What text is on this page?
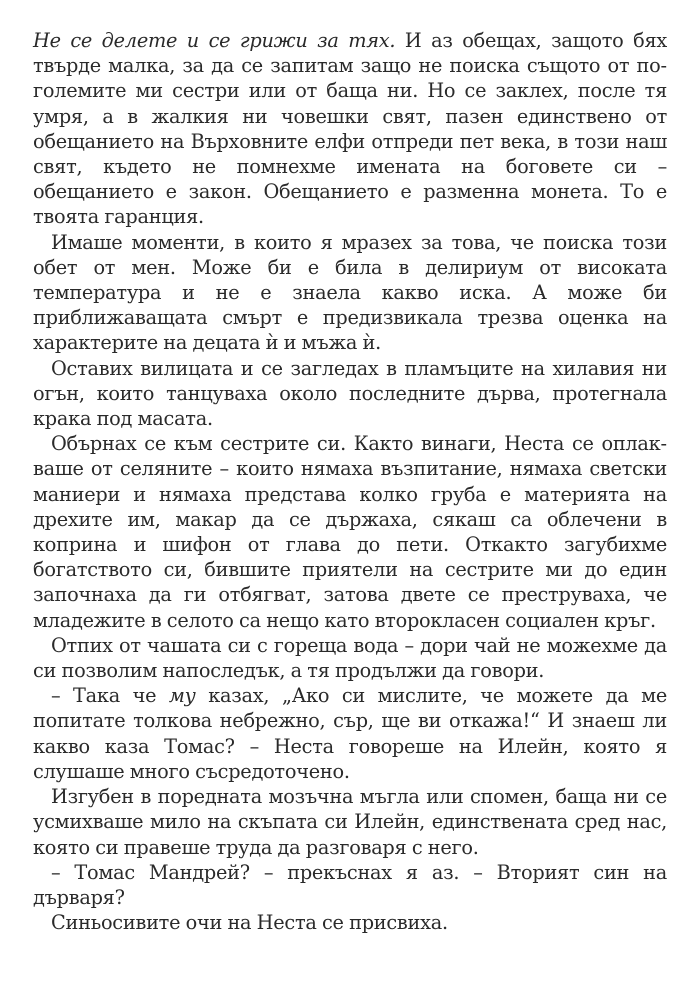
Не се делете и се грижи за тях. И аз обещах, защото бях твърде малка, за да се запитам защо не поиска същото от поголемите ми сестри или от баща ни. Но се заклех, после тя умря, а в жалкия ни човешки свят, пазен единствено от обещанието на Върховните елфи отпреди пет века, в този наш свят, където не помнехме имената на боговете си – обещанието е закон. Обещанието е разменна монета. То е твоята гаранция.

Имаше моменти, в които я мразех за това, че поиска този обет от мен. Може би е била в делириум от високата температура и не е знаела какво иска. А може би приближаващата смърт е предизвикала трезва оценка на характерите на децата ѝ и мъжа ѝ.

Оставих вилицата и се загледах в пламъците на хилавия ни огън, които танцуваха около последните дърва, протегнала крака под масата.

Обърнах се към сестрите си. Както винаги, Неста се оплакваше от селяните – които нямаха възпитание, нямаха светски маниери и нямаха представа колко груба е материята на дрехите им, макар да се държаха, сякаш са облечени в коприна и шифон от глава до пети. Откакто загубихме богатството си, бившите приятели на сестрите ми до един започнаха да ги отбягват, затова двете се преструваха, че младежите в селото са нещо като второкласен социален кръг.

Отпих от чашата си с гореща вода – дори чай не можехме да си позволим напоследък, а тя продължи да говори.

– Така че му казах, „Ако си мислите, че можете да ме попитате толкова небрежно, сър, ще ви откажа!“ И знаеш ли какво каза Томас? – Неста говореше на Илейн, която я слушаше много съсредоточено.

Изгубен в поредната мозъчна мъгла или спомен, баща ни се усмихваше мило на скъпата си Илейн, единствената сред нас, която си правеше труда да разговаря с него.

– Томас Мандрей? – прекъснах я аз. – Вторият син на дърваря?

Синьосивите очи на Неста се присвиха.
